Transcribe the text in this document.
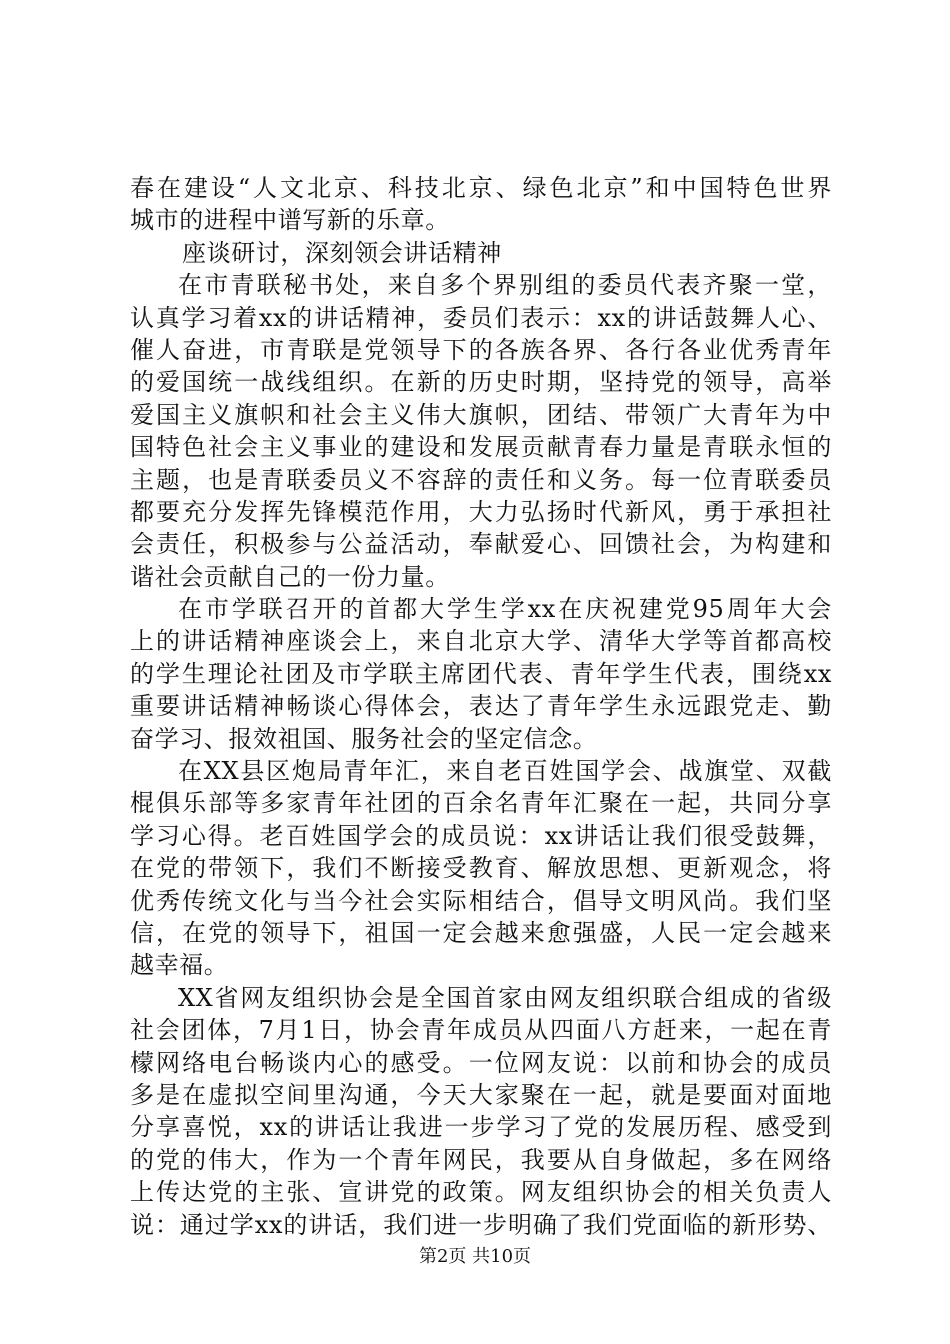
春在建设“人文北京、科技北京、绿色北京”和中国特色世界
城市的进程中谱写新的乐章。
座谈研讨，深刻领会讲话精神
在市青联秘书处，来自多个界别组的委员代表齐聚一堂，
认真学习着xx的讲话精神，委员们表示：xx的讲话鼓舞人心、
催人奋进，市青联是党领导下的各族各界、各行各业优秀青年
的爱国统一战线组织。在新的历史时期，坚持党的领导，高举
爱国主义旗帜和社会主义伟大旗帜，团结、带领广大青年为中
国特色社会主义事业的建设和发展贡献青春力量是青联永恒的
主题，也是青联委员义不容辞的责任和义务。每一位青联委员
都要充分发挥先锋模范作用，大力弘扬时代新风，勇于承担社
会责任，积极参与公益活动，奉献爱心、回馈社会，为构建和
谐社会贡献自己的一份力量。
在市学联召开的首都大学生学xx在庆祝建党95周年大会
上的讲话精神座谈会上，来自北京大学、清华大学等首都高校
的学生理论社团及市学联主席团代表、青年学生代表，围绕xx
重要讲话精神畅谈心得体会，表达了青年学生永远跟党走、勤
奋学习、报效祖国、服务社会的坚定信念。
在XX县区炮局青年汇，来自老百姓国学会、战旗堂、双截
棍俱乐部等多家青年社团的百余名青年汇聚在一起，共同分享
学习心得。老百姓国学会的成员说：xx讲话让我们很受鼓舞，
在党的带领下，我们不断接受教育、解放思想、更新观念，将
优秀传统文化与当今社会实际相结合，倡导文明风尚。我们坚
信，在党的领导下，祖国一定会越来愈强盛，人民一定会越来
越幸福。
XX省网友组织协会是全国首家由网友组织联合组成的省级
社会团体，7月1日，协会青年成员从四面八方赶来，一起在青
檬网络电台畅谈内心的感受。一位网友说：以前和协会的成员
多是在虚拟空间里沟通，今天大家聚在一起，就是要面对面地
分享喜悦，xx的讲话让我进一步学习了党的发展历程、感受到
的党的伟大，作为一个青年网民，我要从自身做起，多在网络
上传达党的主张、宣讲党的政策。网友组织协会的相关负责人
说：通过学xx的讲话，我们进一步明确了我们党面临的新形势、
第2页 共10页
